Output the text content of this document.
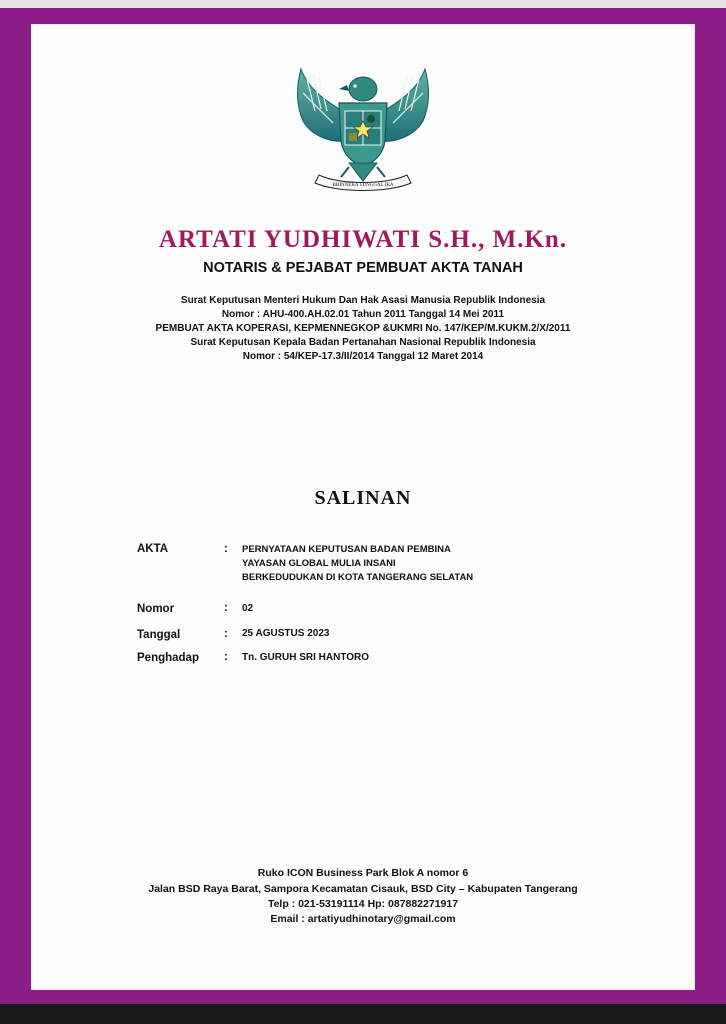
BHINNEKA TUNGGAL IKA
ARTATI YUDHIWATI S.H., M.Kn.
NOTARIS & PEJABAT PEMBUAT AKTA TANAH
Surat Keputusan Menteri Hukum Dan Hak Asasi Manusia Republik Indonesia
Nomor : AHU-400.AH.02.01 Tahun 2011 Tanggal 14 Mei 2011
PEMBUAT AKTA KOPERASI, KEPMENNEGKOP &UKMRI No. 147/KEP/M.KUKM.2/X/2011
Surat Keputusan Kepala Badan Pertanahan Nasional Republik Indonesia
Nomor : 54/KEP-17.3/II/2014 Tanggal 12 Maret 2014
SALINAN
AKTA	: PERNYATAAN KEPUTUSAN BADAN PEMBINA
YAYASAN GLOBAL MULIA INSANI
BERKEDUDUKAN DI KOTA TANGERANG SELATAN
Nomor	: 02
Tanggal	: 25 AGUSTUS 2023
Penghadap : Tn. GURUH SRI HANTORO
Ruko ICON Business Park Blok A nomor 6
Jalan BSD Raya Barat, Sampora Kecamatan Cisauk, BSD City – Kabupaten Tangerang
Telp : 021-53191114 Hp: 087882271917
Email : artatiyudhinotary@gmail.com
